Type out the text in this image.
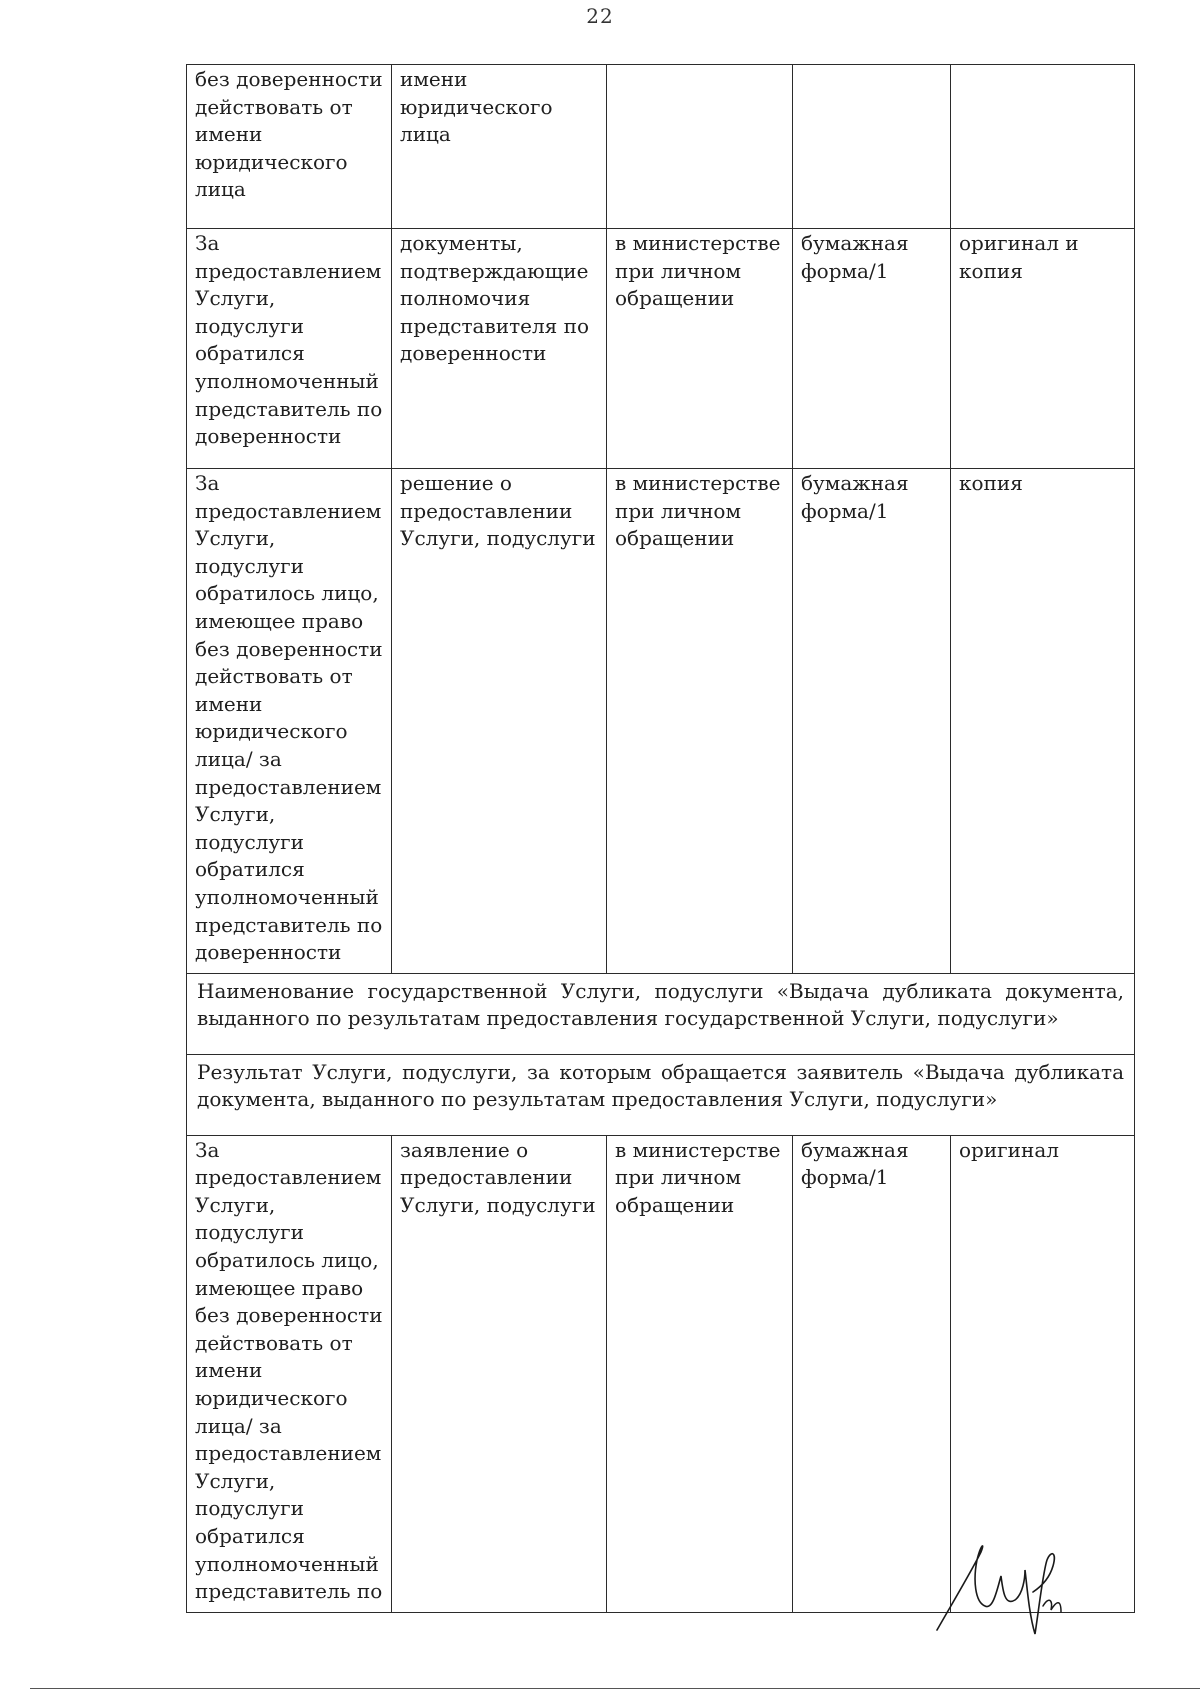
22
без доверенности действовать от имени юридического лица	имени юридического лица			
За предоставлением Услуги, подуслуги обратился уполномоченный представитель по доверенности	документы, подтверждающие полномочия представителя по доверенности	в министерстве при личном обращении	бумажная форма/1	оригинал и копия
За предоставлением Услуги, подуслуги обратилось лицо, имеющее право без доверенности действовать от имени юридического лица/ за предоставлением Услуги, подуслуги обратился уполномоченный представитель по доверенности	решение о предоставлении Услуги, подуслуги	в министерстве при личном обращении	бумажная форма/1	копия
Наименование государственной Услуги, подуслуги «Выдача дубликата документа, выданного по результатам предоставления государственной Услуги, подуслуги»				
Результат Услуги, подуслуги, за которым обращается заявитель «Выдача дубликата документа, выданного по результатам предоставления Услуги, подуслуги»				
За предоставлением Услуги, подуслуги обратилось лицо, имеющее право без доверенности действовать от имени юридического лица/ за предоставлением Услуги, подуслуги обратился уполномоченный представитель по	заявление о предоставлении Услуги, подуслуги	в министерстве при личном обращении	бумажная форма/1	оригинал
